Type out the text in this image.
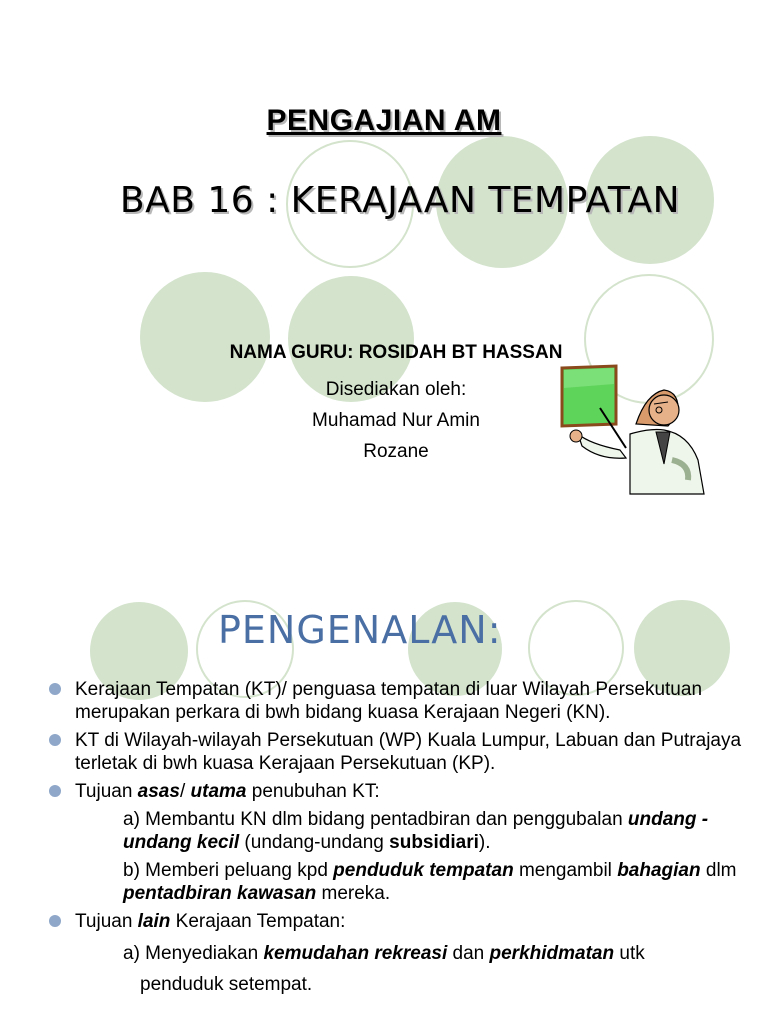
PENGAJIAN AM
BAB 16 : KERAJAAN TEMPATAN
NAMA GURU: ROSIDAH BT HASSAN
Disediakan oleh:
Muhamad Nur Amin
Rozane
PENGENALAN:
Kerajaan Tempatan (KT)/ penguasa tempatan di luar Wilayah Persekutuan merupakan perkara di bwh bidang kuasa Kerajaan Negeri (KN).
KT di Wilayah-wilayah Persekutuan (WP) Kuala Lumpur, Labuan dan Putrajaya terletak di bwh kuasa Kerajaan Persekutuan (KP).
Tujuan asas/ utama penubuhan KT:
a) Membantu KN dlm bidang pentadbiran dan penggubalan undang -undang kecil (undang-undang subsidiari).
b) Memberi peluang kpd penduduk tempatan mengambil bahagian dlm pentadbiran kawasan mereka.
Tujuan lain Kerajaan Tempatan:
a) Menyediakan kemudahan rekreasi dan perkhidmatan utk
penduduk setempat.
